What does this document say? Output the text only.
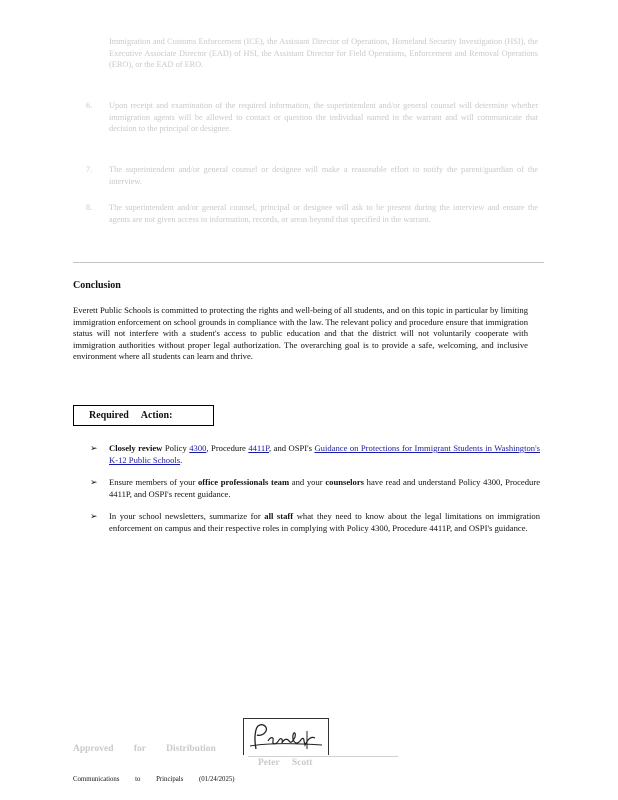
Immigration and Customs Enforcement (ICE), the Assistant Director of Operations, Homeland Security Investigation (HSI), the Executive Associate Director (EAD) of HSI, the Assistant Director for Field Operations, Enforcement and Removal Operations (ERO), or the EAD of ERO.
6.	Upon receipt and examination of the required information, the superintendent and/or general counsel will determine whether immigration agents will be allowed to contact or question the individual named in the warrant and will communicate that decision to the principal or designee.
7.	The superintendent and/or general counsel or designee will make a reasonable effort to notify the parent/guardian of the interview.
8.	The superintendent and/or general counsel, principal or designee will ask to be present during the interview and ensure the agents are not given access to information, records, or areas beyond that specified in the warrant.
Conclusion
Everett Public Schools is committed to protecting the rights and well-being of all students, and on this topic in particular by limiting immigration enforcement on school grounds in compliance with the law. The relevant policy and procedure ensure that immigration status will not interfere with a student's access to public education and that the district will not voluntarily cooperate with immigration authorities without proper legal authorization. The overarching goal is to provide a safe, welcoming, and inclusive environment where all students can learn and thrive.
Required Action:
➢ Closely review Policy 4300, Procedure 4411P, and OSPI's Guidance on Protections for Immigrant Students in Washington's K-12 Public Schools.
➢ Ensure members of your office professionals team and your counselors have read and understand Policy 4300, Procedure 4411P, and OSPI's recent guidance.
➢ In your school newsletters, summarize for all staff what they need to know about the legal limitations on immigration enforcement on campus and their respective roles in complying with Policy 4300, Procedure 4411P, and OSPI's guidance.
Approved for Distribution
Peter Scott
Communications to Principals (01/24/2025)
